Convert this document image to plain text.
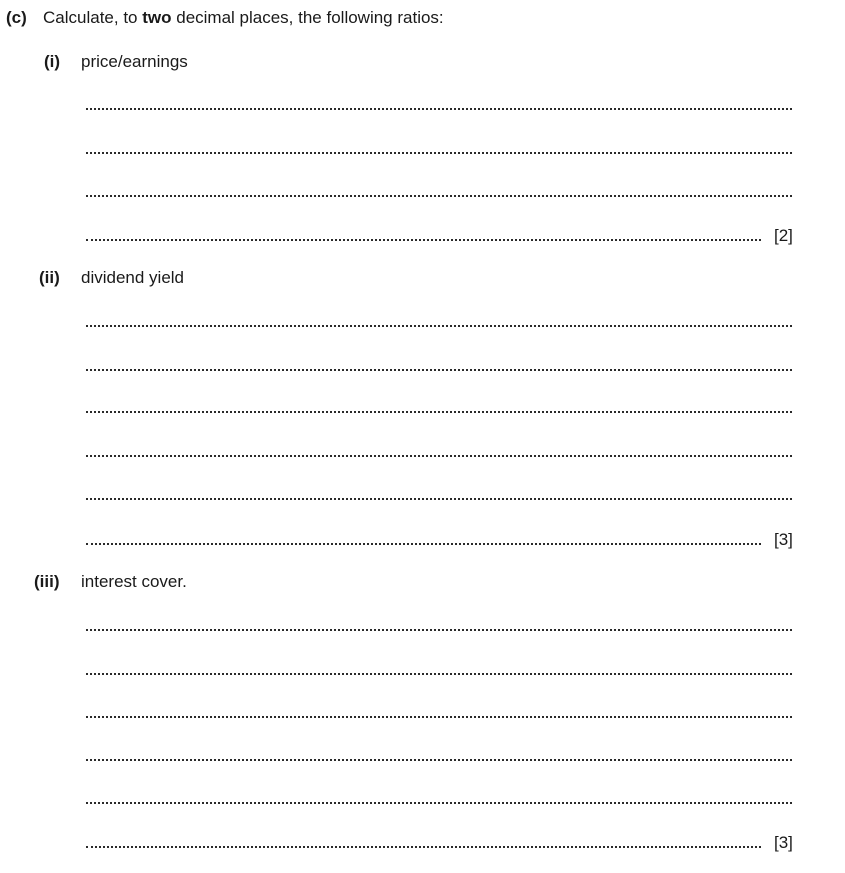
(c) Calculate, to two decimal places, the following ratios:
(i) price/earnings
[2]
(ii) dividend yield
[3]
(iii) interest cover.
[3]
